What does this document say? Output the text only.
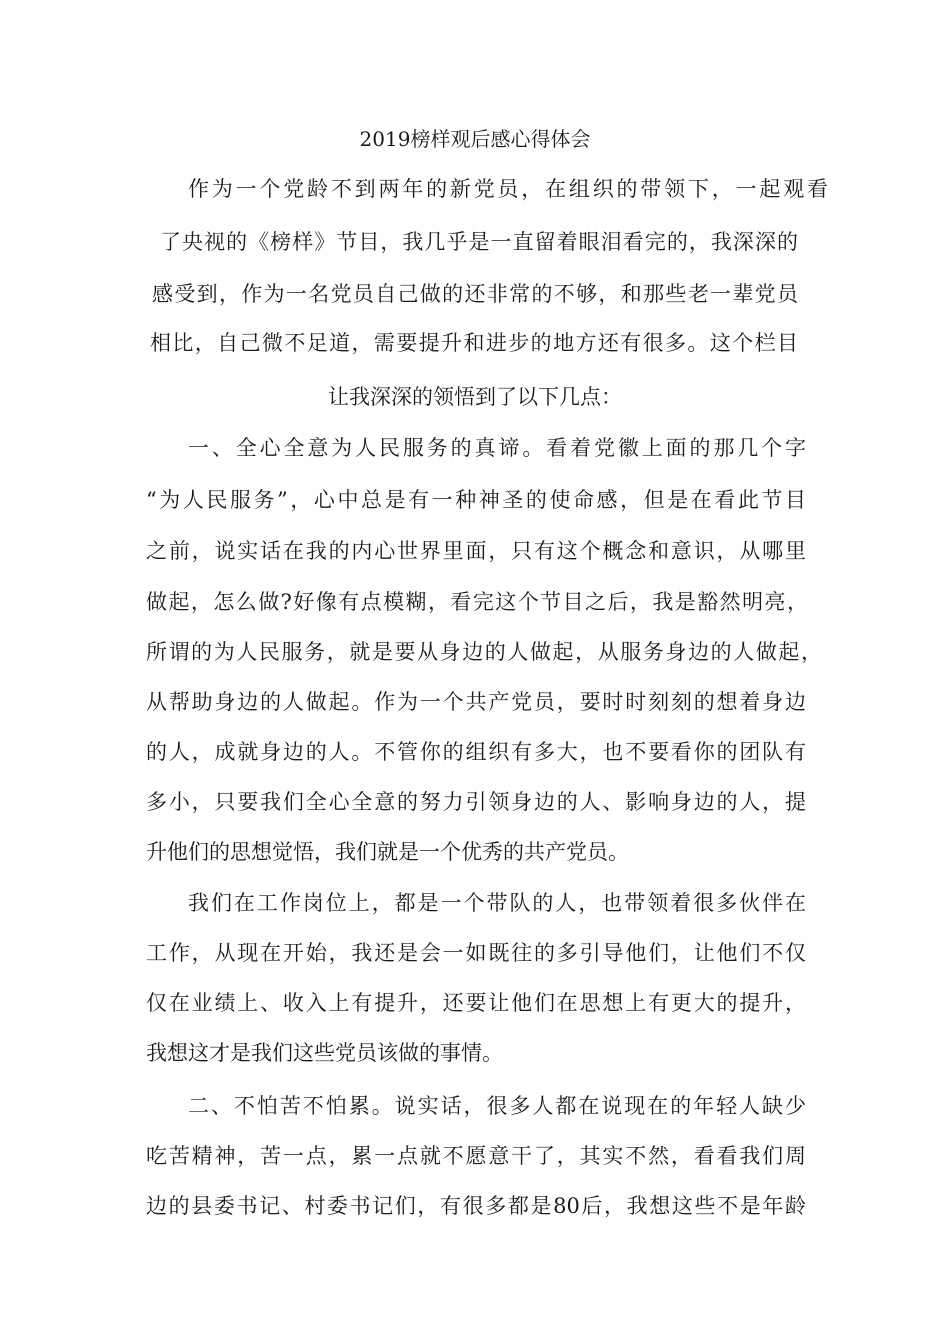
2019榜样观后感心得体会
作为一个党龄不到两年的新党员，在组织的带领下，一起观看
了央视的《榜样》节目，我几乎是一直留着眼泪看完的，我深深的
感受到，作为一名党员自己做的还非常的不够，和那些老一辈党员
相比，自己微不足道，需要提升和进步的地方还有很多。这个栏目
让我深深的领悟到了以下几点：
一、全心全意为人民服务的真谛。看着党徽上面的那几个字
“为人民服务”，心中总是有一种神圣的使命感，但是在看此节目
之前，说实话在我的内心世界里面，只有这个概念和意识，从哪里
做起，怎么做?好像有点模糊，看完这个节目之后，我是豁然明亮，
所谓的为人民服务，就是要从身边的人做起，从服务身边的人做起，
从帮助身边的人做起。作为一个共产党员，要时时刻刻的想着身边
的人，成就身边的人。不管你的组织有多大，也不要看你的团队有
多小，只要我们全心全意的努力引领身边的人、影响身边的人，提
升他们的思想觉悟，我们就是一个优秀的共产党员。
我们在工作岗位上，都是一个带队的人，也带领着很多伙伴在
工作，从现在开始，我还是会一如既往的多引导他们，让他们不仅
仅在业绩上、收入上有提升，还要让他们在思想上有更大的提升，
我想这才是我们这些党员该做的事情。
二、不怕苦不怕累。说实话，很多人都在说现在的年轻人缺少
吃苦精神，苦一点，累一点就不愿意干了，其实不然，看看我们周
边的县委书记、村委书记们，有很多都是80后，我想这些不是年龄
